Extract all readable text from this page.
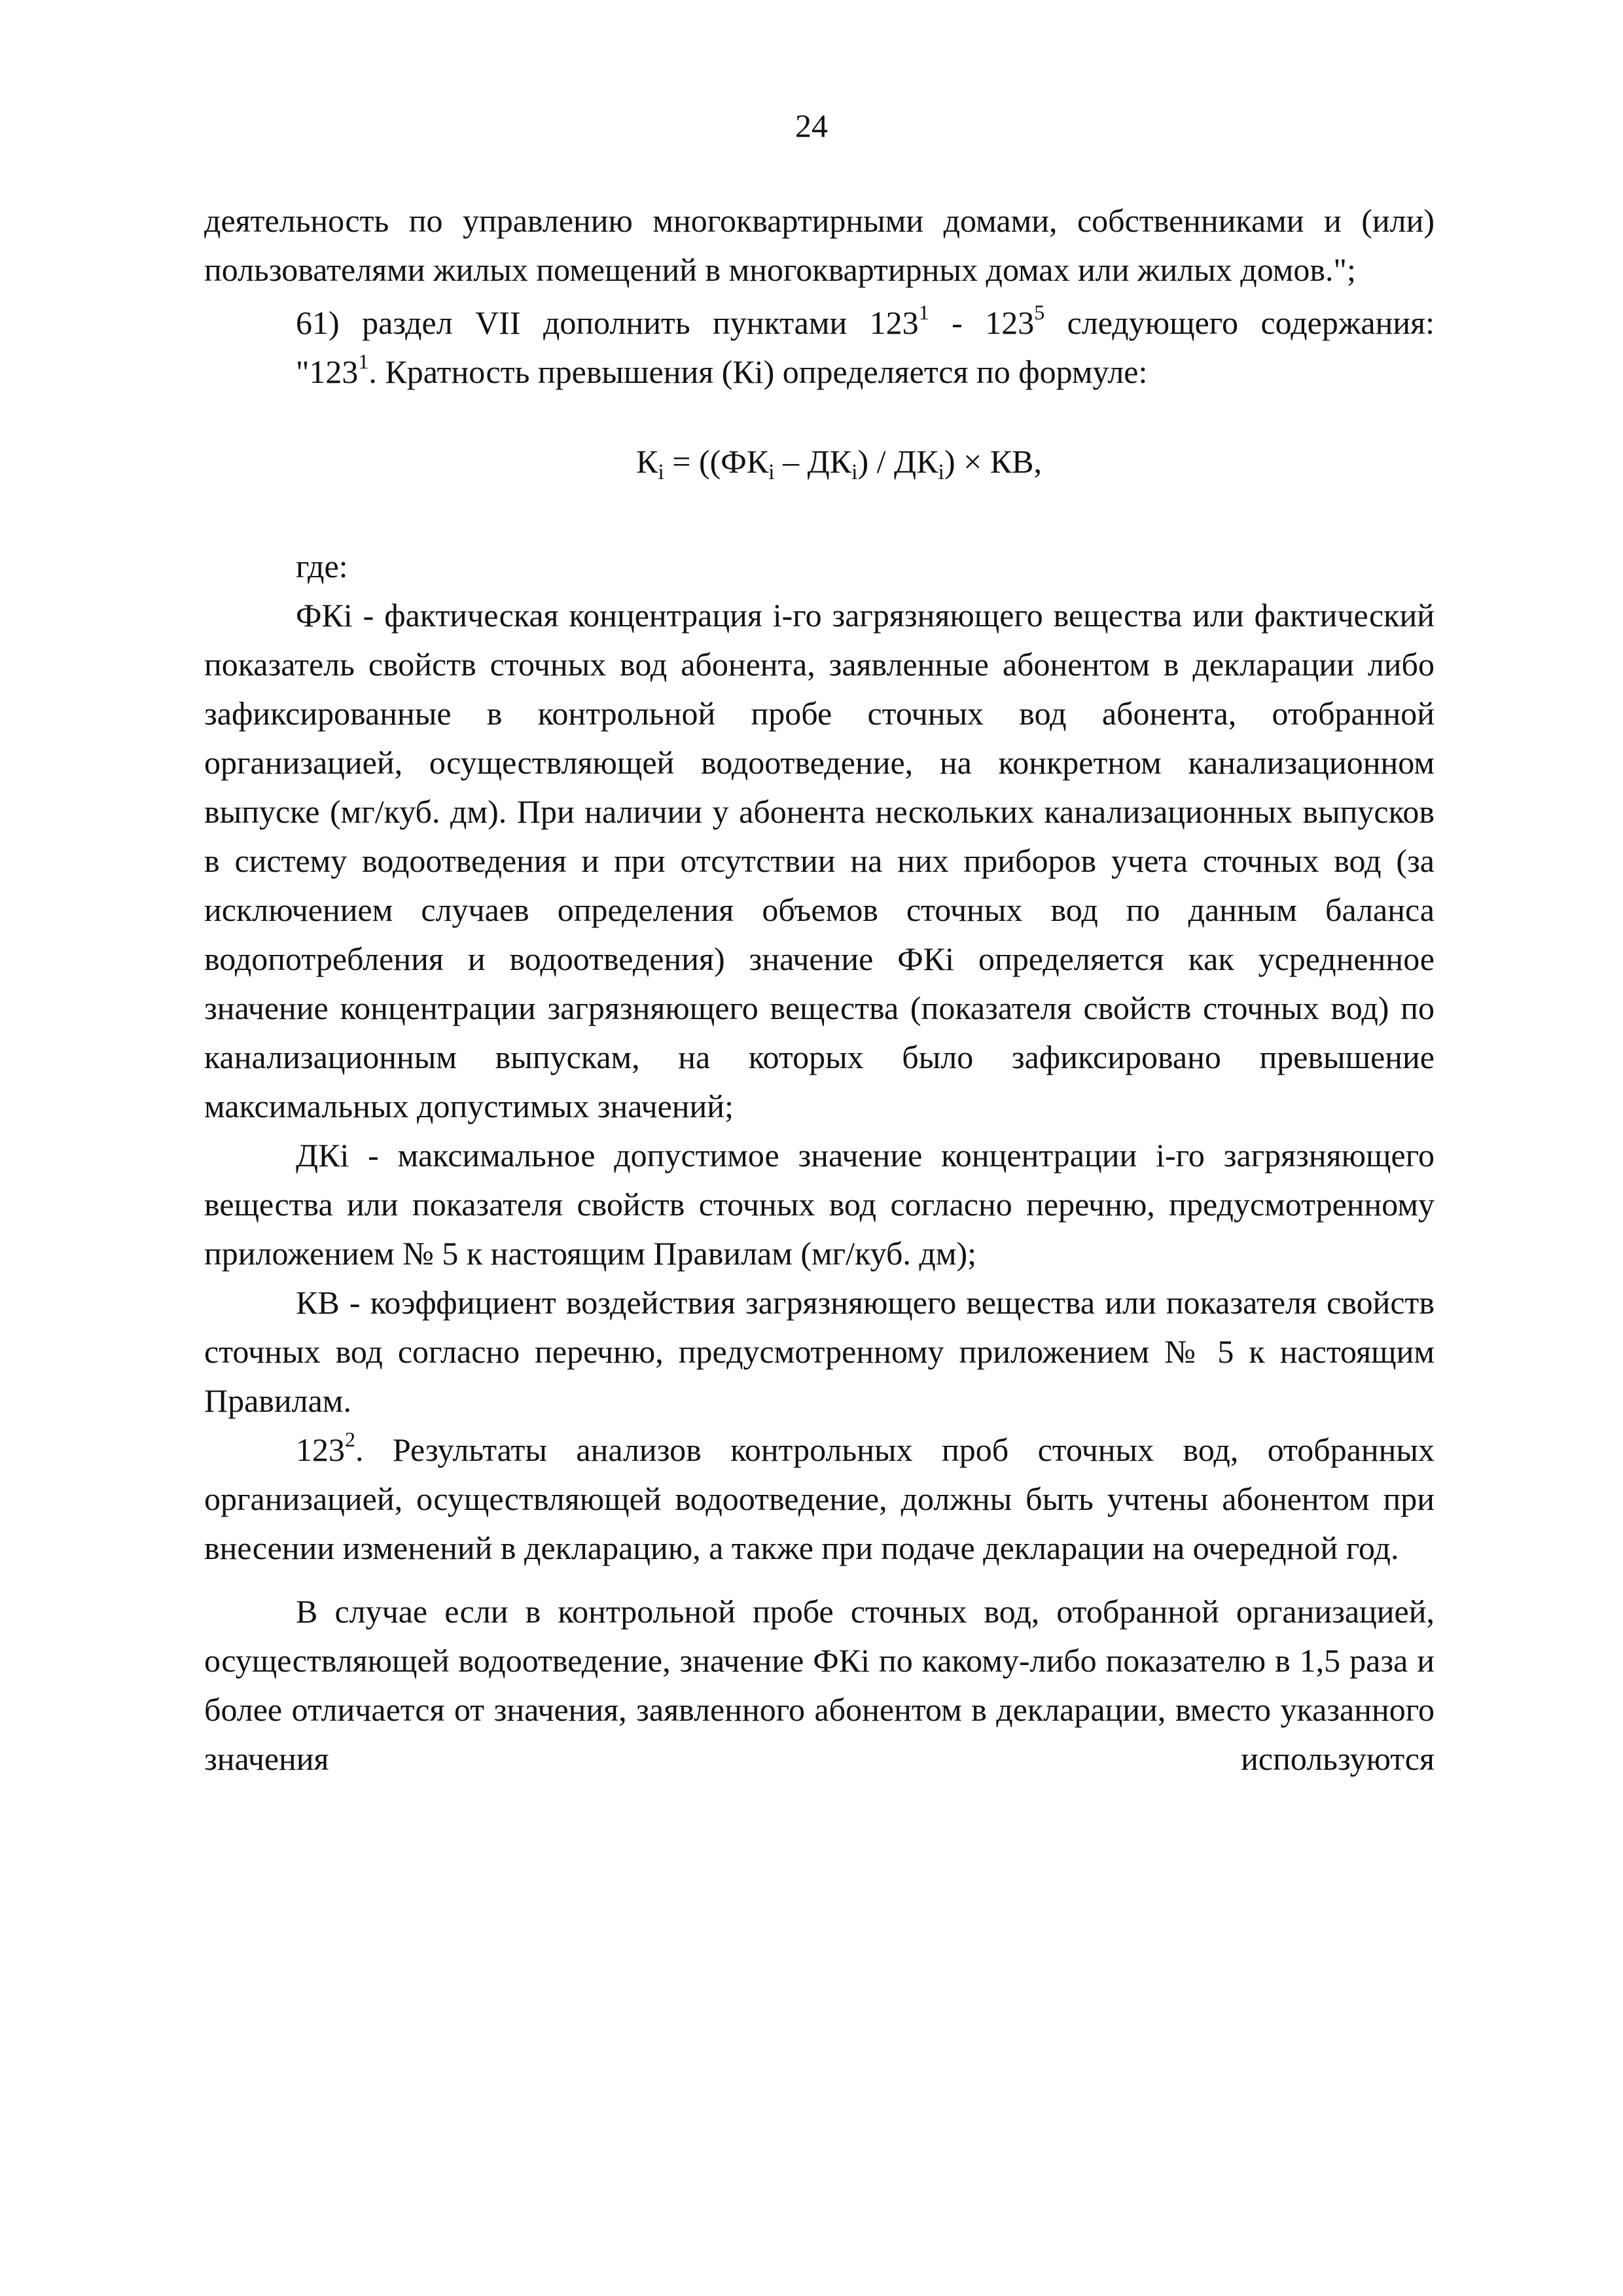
24

деятельность по управлению многоквартирными домами, собственниками и (или) пользователями жилых помещений в многоквартирных домах или жилых домов.";

61) раздел VII дополнить пунктами $123^1 - 123^5$ следующего содержания:

"$123^1$. Кратность превышения (Кi) определяется по формуле:

$К_i = ((ФК_i - ДК_i) / ДК_i)$ × КВ,

где:

ФКi - фактическая концентрация i-го загрязняющего вещества или фактический показатель свойств сточных вод абонента, заявленные абонентом в декларации либо зафиксированные в контрольной пробе сточных вод абонента, отобранной организацией, осуществляющей водоотведение, на конкретном канализационном выпуске (мг/куб. дм). При наличии у абонента нескольких канализационных выпусков в систему водоотведения и при отсутствии на них приборов учета сточных вод (за исключением случаев определения объемов сточных вод по данным баланса водопотребления и водоотведения) значение ФКi определяется как усредненное значение концентрации загрязняющего вещества (показателя свойств сточных вод) по канализационным выпускам, на которых было зафиксировано превышение максимальных допустимых значений;

ДКi - максимальное допустимое значение концентрации i-го загрязняющего вещества или показателя свойств сточных вод согласно перечню, предусмотренному приложением № 5 к настоящим Правилам (мг/куб. дм);

КВ - коэффициент воздействия загрязняющего вещества или показателя свойств сточных вод согласно перечню, предусмотренному приложением № 5 к настоящим Правилам.

$123^2$. Результаты анализов контрольных проб сточных вод, отобранных организацией, осуществляющей водоотведение, должны быть учтены абонентом при внесении изменений в декларацию, а также при подаче декларации на очередной год.

В случае если в контрольной пробе сточных вод, отобранной организацией, осуществляющей водоотведение, значение ФКi по какому-либо показателю в 1,5 раза и более отличается от значения, заявленного абонентом в декларации, вместо указанного значения используются
